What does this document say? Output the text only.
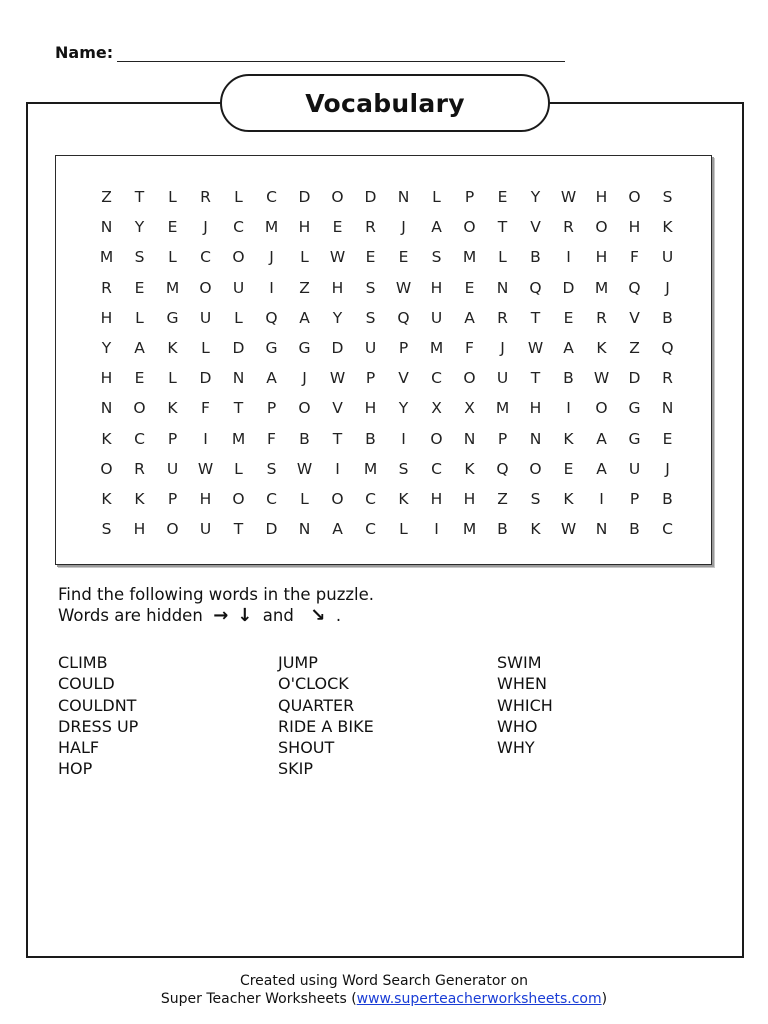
Name:
Vocabulary
Z	T	L	R	L	C	D	O	D	N	L	P	E	Y	W	H	O	S
N	Y	E	J	C	M	H	E	R	J	A	O	T	V	R	O	H	K
M	S	L	C	O	J	L	W	E	E	S	M	L	B	I	H	F	U
R	E	M	O	U	I	Z	H	S	W	H	E	N	Q	D	M	Q	J
H	L	G	U	L	Q	A	Y	S	Q	U	A	R	T	E	R	V	B
Y	A	K	L	D	G	G	D	U	P	M	F	J	W	A	K	Z	Q
H	E	L	D	N	A	J	W	P	V	C	O	U	T	B	W	D	R
N	O	K	F	T	P	O	V	H	Y	X	X	M	H	I	O	G	N
K	C	P	I	M	F	B	T	B	I	O	N	P	N	K	A	G	E
O	R	U	W	L	S	W	I	M	S	C	K	Q	O	E	A	U	J
K	K	P	H	O	C	L	O	C	K	H	H	Z	S	K	I	P	B
S	H	O	U	T	D	N	A	C	L	I	M	B	K	W	N	B	C
Find the following words in the puzzle.
Words are hidden → ↓ and ↘ .
CLIMB
COULD
COULDNT
DRESS UP
HALF
HOP
JUMP
O'CLOCK
QUARTER
RIDE A BIKE
SHOUT
SKIP
SWIM
WHEN
WHICH
WHO
WHY
Created using Word Search Generator on
Super Teacher Worksheets (www.superteacherworksheets.com)
